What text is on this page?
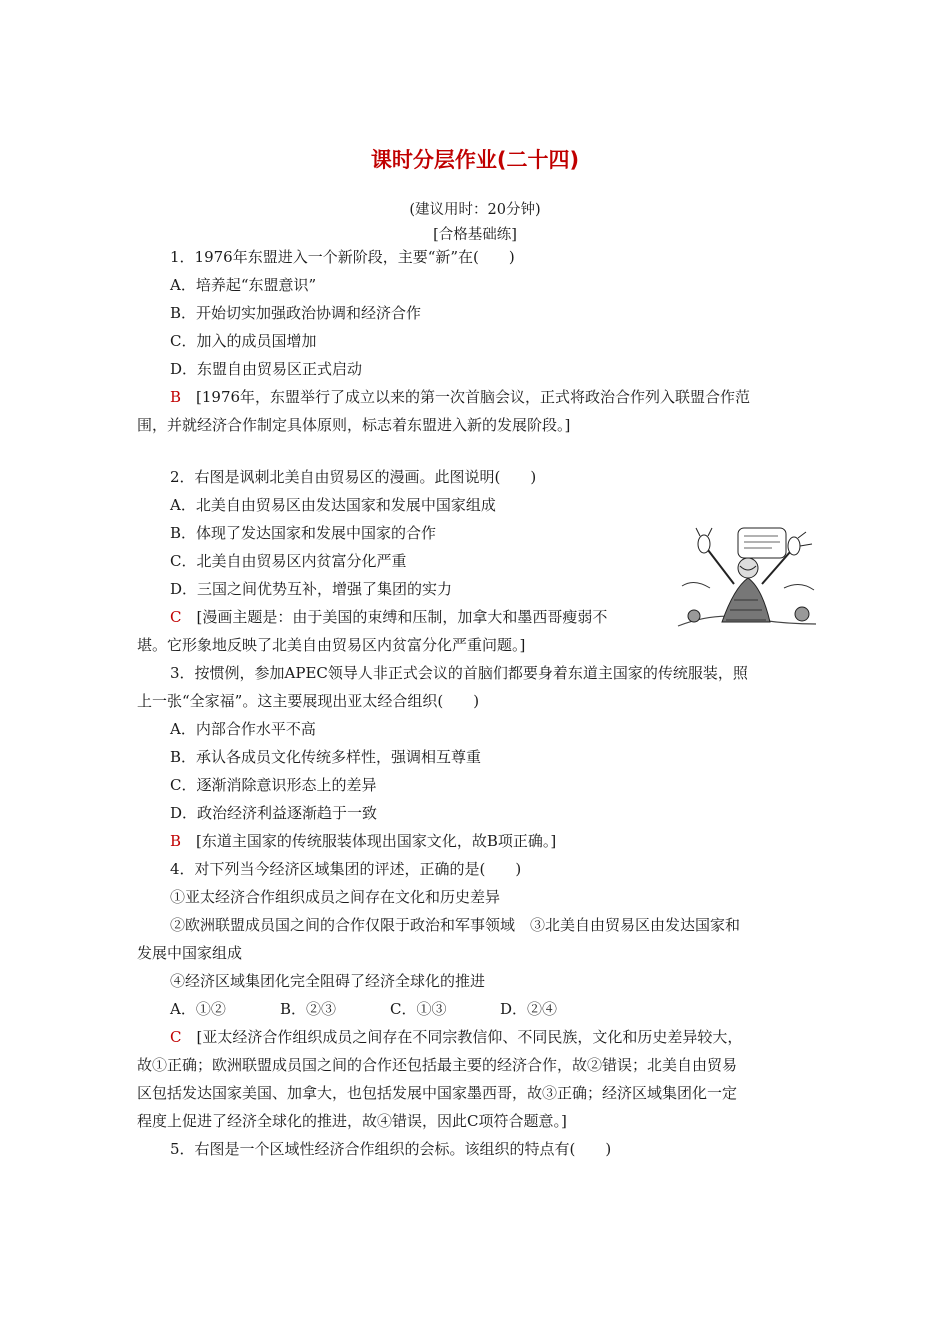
课时分层作业(二十四)
(建议用时：20分钟)
[合格基础练]
1．1976年东盟进入一个新阶段，主要“新”在(　　)
A．培养起“东盟意识”
B．开始切实加强政治协调和经济合作
C．加入的成员国增加
D．东盟自由贸易区正式启动
B　[1976年，东盟举行了成立以来的第一次首脑会议，正式将政治合作列入联盟合作范
围，并就经济合作制定具体原则，标志着东盟进入新的发展阶段。]
2．右图是讽刺北美自由贸易区的漫画。此图说明(　　)
A．北美自由贸易区由发达国家和发展中国家组成
B．体现了发达国家和发展中国家的合作
C．北美自由贸易区内贫富分化严重
D．三国之间优势互补，增强了集团的实力
C　[漫画主题是：由于美国的束缚和压制，加拿大和墨西哥瘦弱不
堪。它形象地反映了北美自由贸易区内贫富分化严重问题。]
3．按惯例，参加APEC领导人非正式会议的首脑们都要身着东道主国家的传统服装，照
上一张“全家福”。这主要展现出亚太经合组织(　　)
A．内部合作水平不高
B．承认各成员文化传统多样性，强调相互尊重
C．逐渐消除意识形态上的差异
D．政治经济利益逐渐趋于一致
B　[东道主国家的传统服装体现出国家文化，故B项正确。]
4．对下列当今经济区域集团的评述，正确的是(　　)
①亚太经济合作组织成员之间存在文化和历史差异
②欧洲联盟成员国之间的合作仅限于政治和军事领域　③北美自由贸易区由发达国家和
发展中国家组成
④经济区域集团化完全阻碍了经济全球化的推进
A．①②	B．②③	C．①③	D．②④
C　[亚太经济合作组织成员之间存在不同宗教信仰、不同民族，文化和历史差异较大，
故①正确；欧洲联盟成员国之间的合作还包括最主要的经济合作，故②错误；北美自由贸易
区包括发达国家美国、加拿大，也包括发展中国家墨西哥，故③正确；经济区域集团化一定
程度上促进了经济全球化的推进，故④错误，因此C项符合题意。]
5．右图是一个区域性经济合作组织的会标。该组织的特点有(　　)
